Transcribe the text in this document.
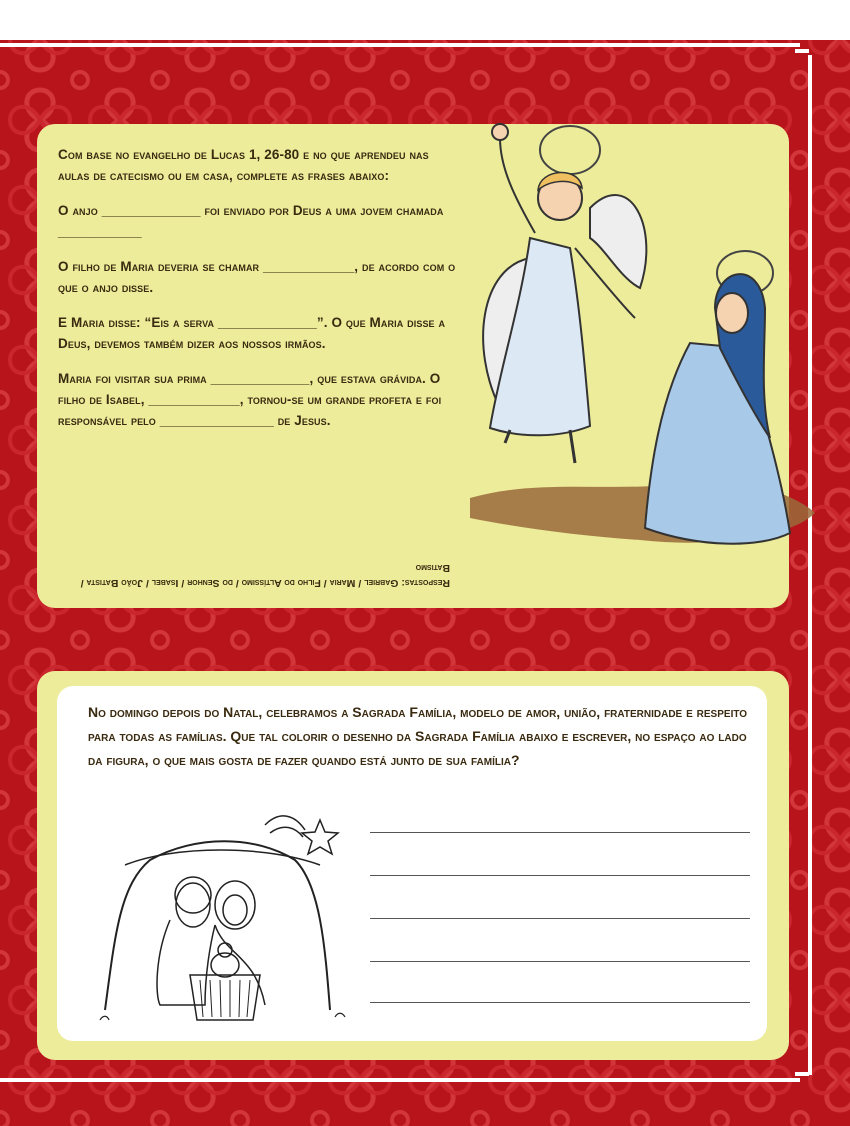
Com base no evangelho de Lucas 1, 26-80 e no que aprendeu nas aulas de catecismo ou em casa, complete as frases abaixo:

O anjo _____________ foi enviado por Deus a uma jovem chamada ___________

O filho de Maria deveria se chamar ____________, de acordo com o que o anjo disse.

E Maria disse: “Eis a serva _____________”. O que Maria disse a Deus, devemos também dizer aos nossos irmãos.

Maria foi visitar sua prima _____________, que estava grávida. O filho de Isabel, ____________, tornou-se um grande profeta e foi responsável pelo _______________ de Jesus.

Respostas: Gabriel / Maria / Filho do Altíssimo / do Senhor / Isabel / João Batista / Batismo
No domingo depois do Natal, celebramos a Sagrada Família, modelo de amor, união, fraternidade e respeito para todas as famílias. Que tal colorir o desenho da Sagrada Família abaixo e escrever, no espaço ao lado da figura, o que mais gosta de fazer quando está junto de sua família?
